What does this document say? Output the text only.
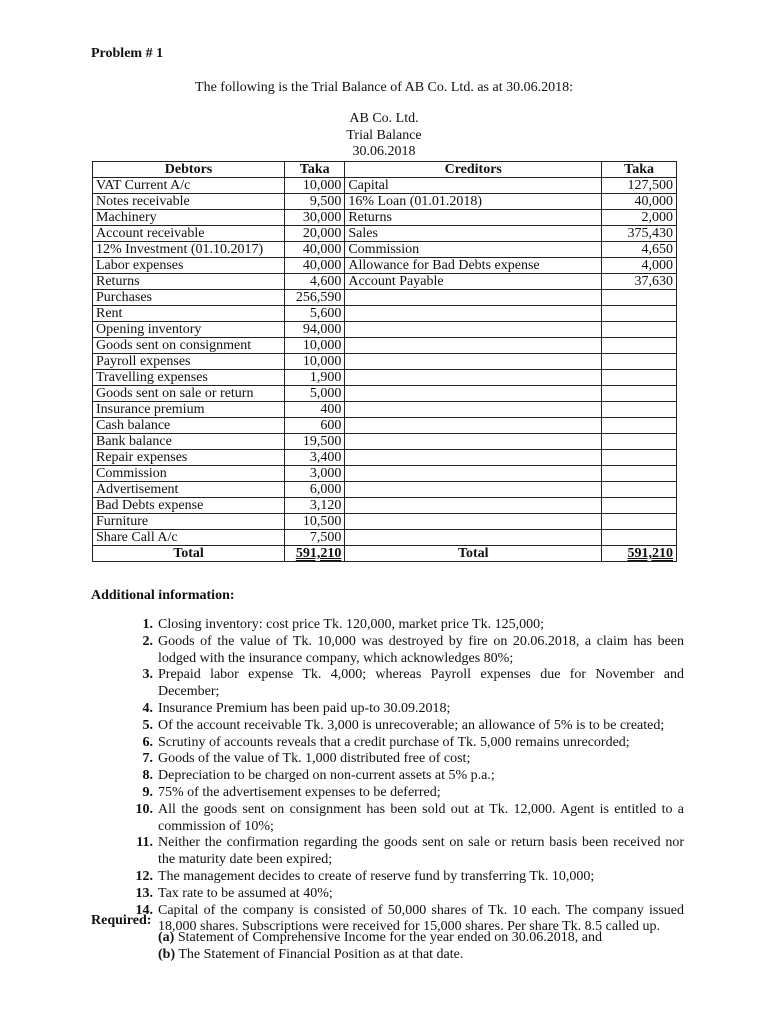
Problem # 1
The following is the Trial Balance of AB Co. Ltd. as at 30.06.2018:
AB Co. Ltd.
Trial Balance
30.06.2018
Debtors	Taka	Creditors	Taka
VAT Current A/c	10,000	Capital	127,500
Notes receivable	9,500	16% Loan (01.01.2018)	40,000
Machinery	30,000	Returns	2,000
Account receivable	20,000	Sales	375,430
12% Investment (01.10.2017)	40,000	Commission	4,650
Labor expenses	40,000	Allowance for Bad Debts expense	4,000
Returns	4,600	Account Payable	37,630
Purchases	256,590		
Rent	5,600		
Opening inventory	94,000		
Goods sent on consignment	10,000		
Payroll expenses	10,000		
Travelling expenses	1,900		
Goods sent on sale or return	5,000		
Insurance premium	400		
Cash balance	600		
Bank balance	19,500		
Repair expenses	3,400		
Commission	3,000		
Advertisement	6,000		
Bad Debts expense	3,120		
Furniture	10,500		
Share Call A/c	7,500		
Total	591,210	Total	591,210
Additional information:
1. Closing inventory: cost price Tk. 120,000, market price Tk. 125,000;
2. Goods of the value of Tk. 10,000 was destroyed by fire on 20.06.2018, a claim has been lodged with the insurance company, which acknowledges 80%;
3. Prepaid labor expense Tk. 4,000; whereas Payroll expenses due for November and December;
4. Insurance Premium has been paid up-to 30.09.2018;
5. Of the account receivable Tk. 3,000 is unrecoverable; an allowance of 5% is to be created;
6. Scrutiny of accounts reveals that a credit purchase of Tk. 5,000 remains unrecorded;
7. Goods of the value of Tk. 1,000 distributed free of cost;
8. Depreciation to be charged on non-current assets at 5% p.a.;
9. 75% of the advertisement expenses to be deferred;
10. All the goods sent on consignment has been sold out at Tk. 12,000. Agent is entitled to a commission of 10%;
11. Neither the confirmation regarding the goods sent on sale or return basis been received nor the maturity date been expired;
12. The management decides to create of reserve fund by transferring Tk. 10,000;
13. Tax rate to be assumed at 40%;
14. Capital of the company is consisted of 50,000 shares of Tk. 10 each. The company issued 18,000 shares. Subscriptions were received for 15,000 shares. Per share Tk. 8.5 called up.
Required:
(a) Statement of Comprehensive Income for the year ended on 30.06.2018, and
(b) The Statement of Financial Position as at that date.
